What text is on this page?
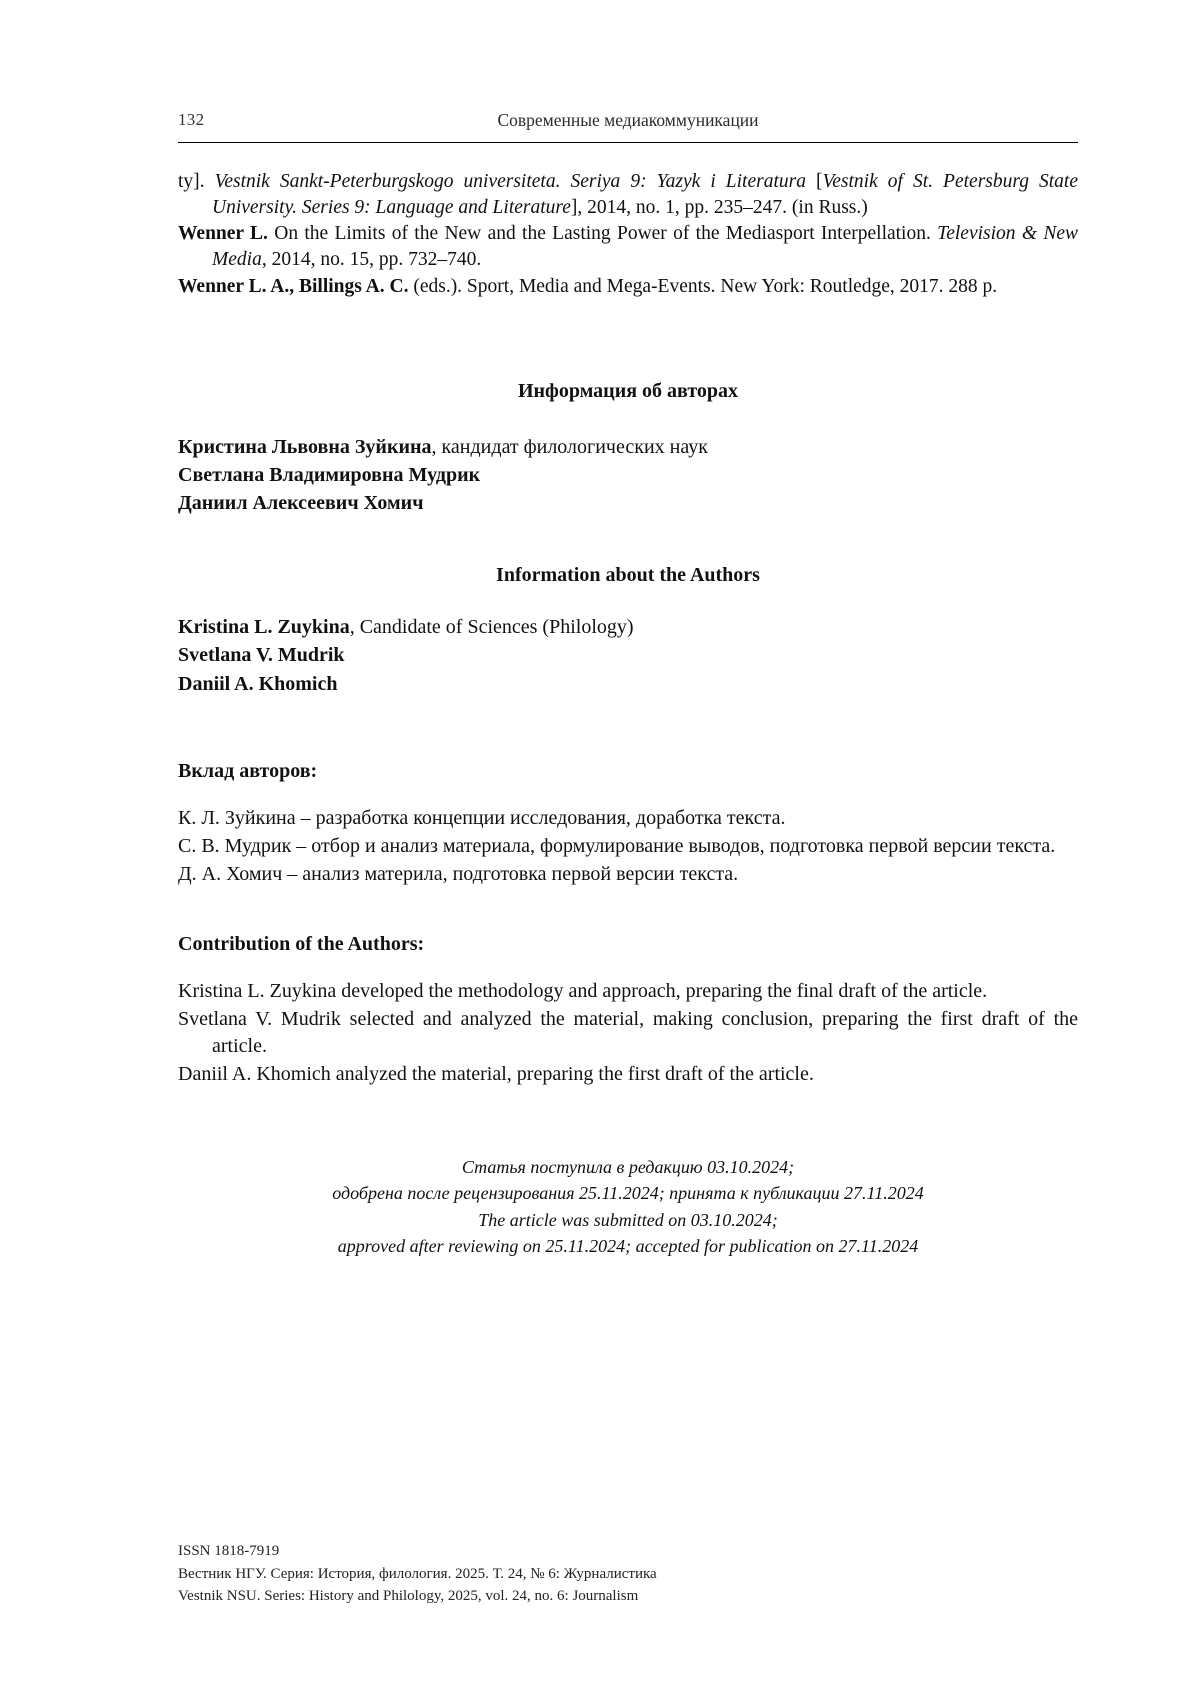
132	Современные медиакоммуникации
ty]. Vestnik Sankt-Peterburgskogo universiteta. Seriya 9: Yazyk i Literatura [Vestnik of St. Petersburg State University. Series 9: Language and Literature], 2014, no. 1, pp. 235–247. (in Russ.)
Wenner L. On the Limits of the New and the Lasting Power of the Mediasport Interpellation. Television & New Media, 2014, no. 15, pp. 732–740.
Wenner L. A., Billings A. C. (eds.). Sport, Media and Mega-Events. New York: Routledge, 2017. 288 p.
Информация об авторах
Кристина Львовна Зуйкина, кандидат филологических наук
Светлана Владимировна Мудрик
Даниил Алексеевич Хомич
Information about the Authors
Kristina L. Zuykina, Candidate of Sciences (Philology)
Svetlana V. Mudrik
Daniil A. Khomich
Вклад авторов:
К. Л. Зуйкина – разработка концепции исследования, доработка текста.
С. В. Мудрик – отбор и анализ материала, формулирование выводов, подготовка первой версии текста.
Д. А. Хомич – анализ материла, подготовка первой версии текста.
Contribution of the Authors:
Kristina L. Zuykina developed the methodology and approach, preparing the final draft of the article.
Svetlana V. Mudrik selected and analyzed the material, making conclusion, preparing the first draft of the article.
Daniil A. Khomich analyzed the material, preparing the first draft of the article.
Статья поступила в редакцию 03.10.2024;
одобрена после рецензирования 25.11.2024; принята к публикации 27.11.2024
The article was submitted on 03.10.2024;
approved after reviewing on 25.11.2024; accepted for publication on 27.11.2024
ISSN 1818-7919
Вестник НГУ. Серия: История, филология. 2025. Т. 24, № 6: Журналистика
Vestnik NSU. Series: History and Philology, 2025, vol. 24, no. 6: Journalism
